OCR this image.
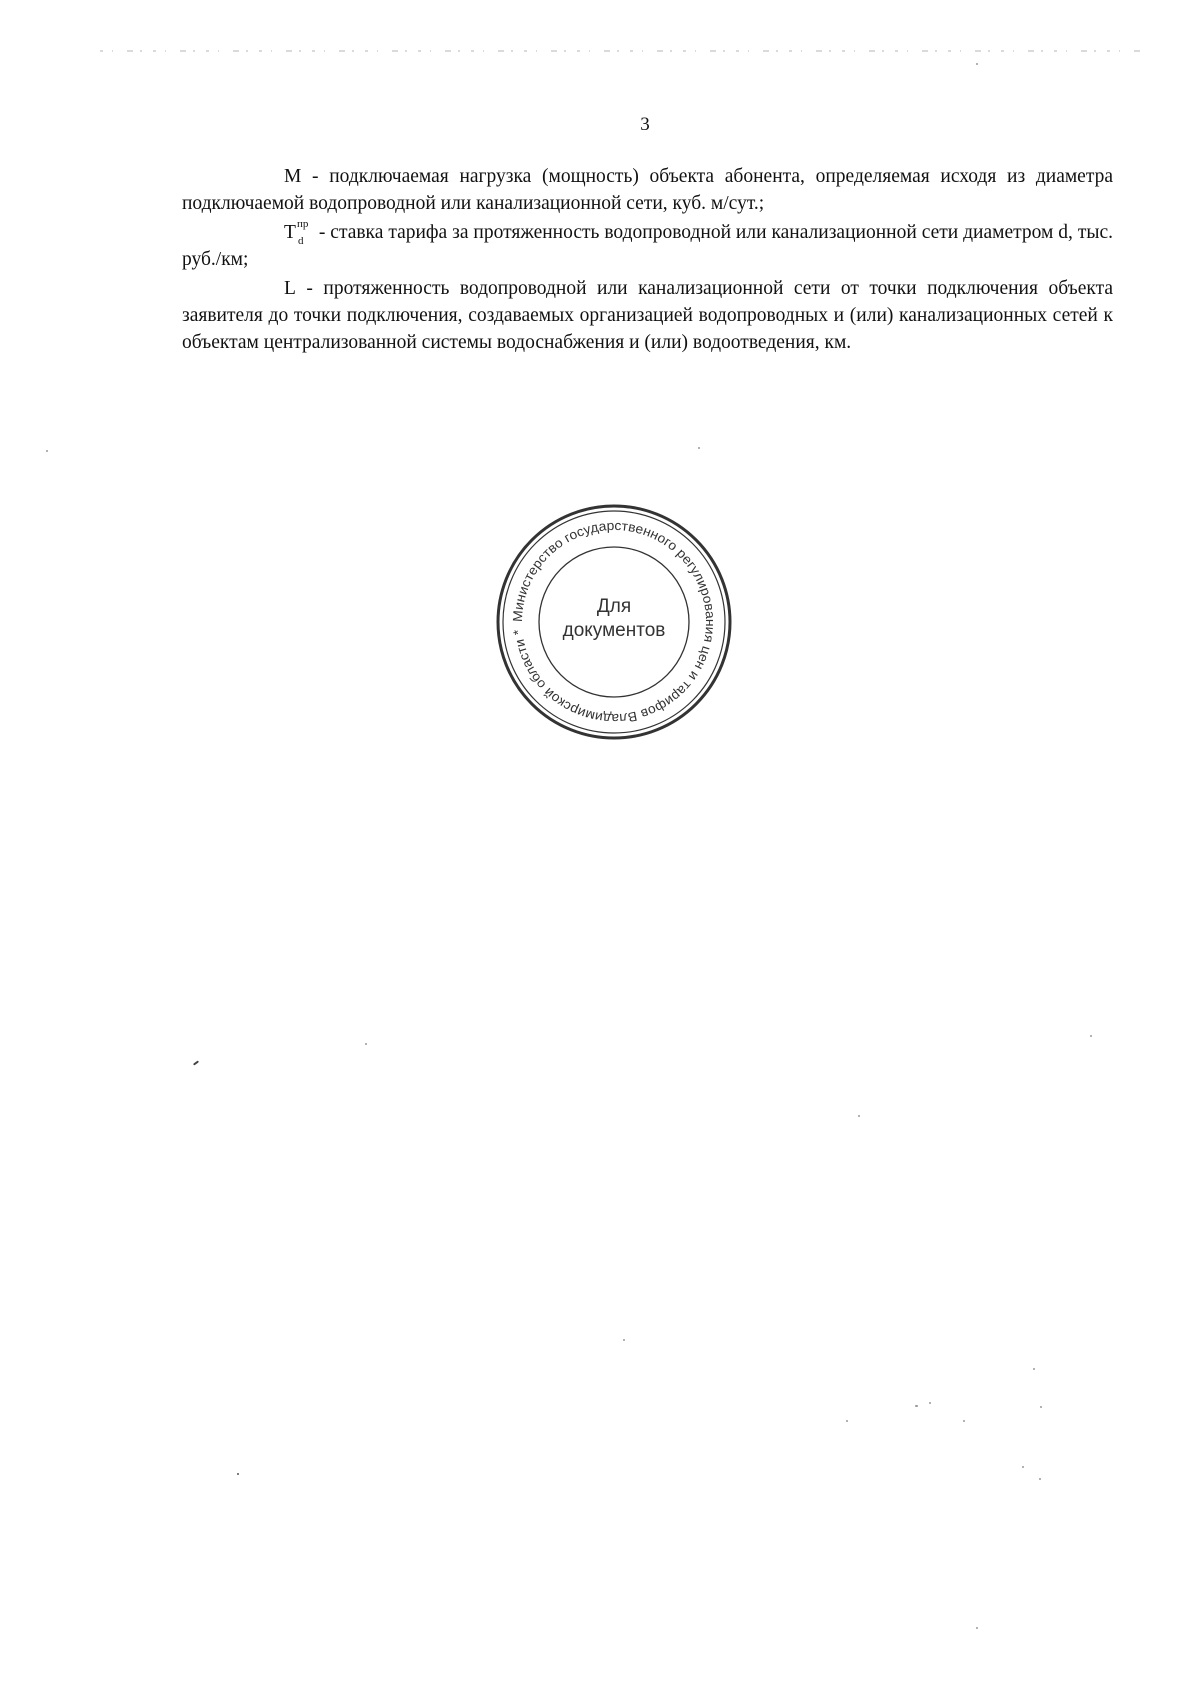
3

M - подключаемая нагрузка (мощность) объекта абонента, определяемая исходя из диаметра подключаемой водопроводной или канализационной сети, куб. м/сут.;

T пр
d - ставка тарифа за протяженность водопроводной или канализационной сети диаметром d, тыс. руб./км;

L - протяженность водопроводной или канализационной сети от точки подключения объекта заявителя до точки подключения, создаваемых организацией водопроводных и (или) канализационных сетей к объектам централизованной системы водоснабжения и (или) водоотведения, км.

Министерство государственного регулирования цен и тарифов Владимирской области *
Для
документов
